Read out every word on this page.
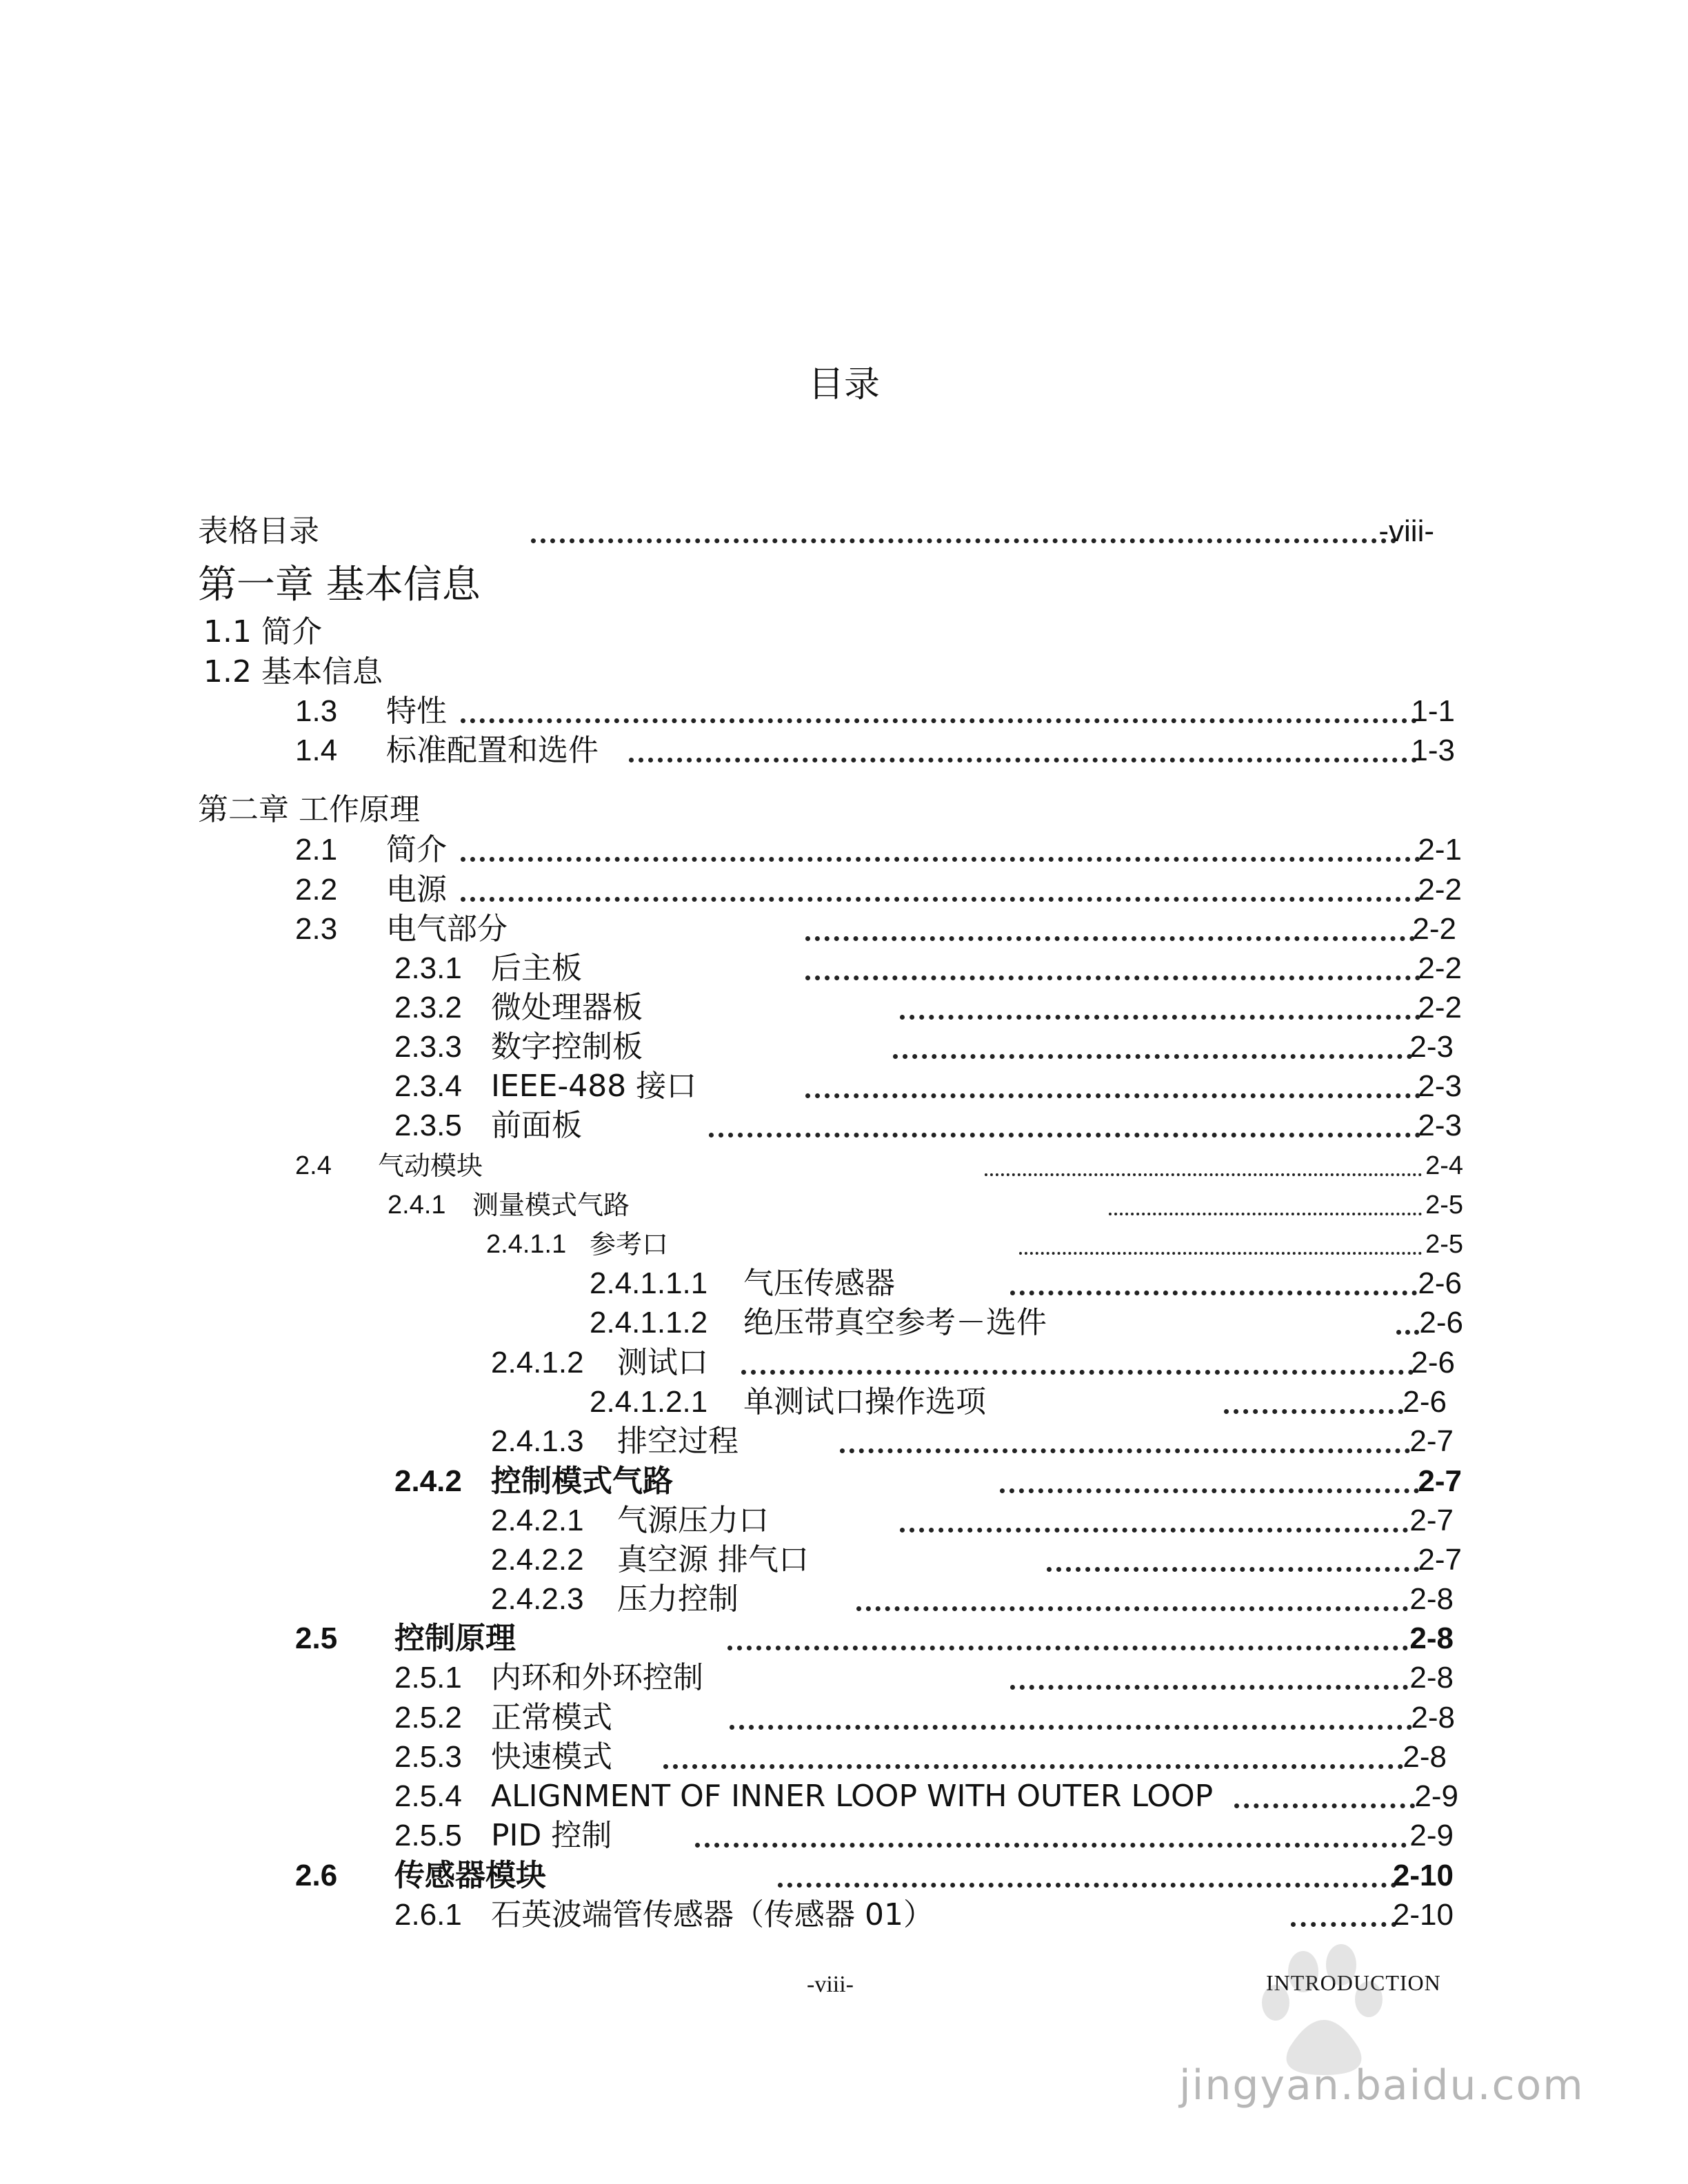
目录
表格目录	-viii-
第一章 基本信息
1.1 简介
1.2 基本信息
1.3 特性	1-1
1.4 标准配置和选件	1-3
第二章 工作原理
2.1 简介	2-1
2.2 电源	2-2
2.3 电气部分	2-2
2.3.1 后主板	2-2
2.3.2 微处理器板	2-2
2.3.3 数字控制板	2-3
2.3.4 IEEE-488 接口	2-3
2.3.5 前面板	2-3
2.4 气动模块	2-4
2.4.1 测量模式气路	2-5
2.4.1.1 参考口	2-5
2.4.1.1.1 气压传感器	2-6
2.4.1.1.2 绝压带真空参考－选件	2-6
2.4.1.2 测试口	2-6
2.4.1.2.1 单测试口操作选项	2-6
2.4.1.3 排空过程	2-7
2.4.2 控制模式气路	2-7
2.4.2.1 气源压力口	2-7
2.4.2.2 真空源 排气口	2-7
2.4.2.3 压力控制	2-8
2.5 控制原理	2-8
2.5.1 内环和外环控制	2-8
2.5.2 正常模式	2-8
2.5.3 快速模式	2-8
2.5.4 ALIGNMENT OF INNER LOOP WITH OUTER LOOP	2-9
2.5.5 PID 控制	2-9
2.6 传感器模块	2-10
2.6.1 石英波端管传感器（传感器 01）	2-10
-viii-	INTRODUCTION
jingyan.baidu.com
